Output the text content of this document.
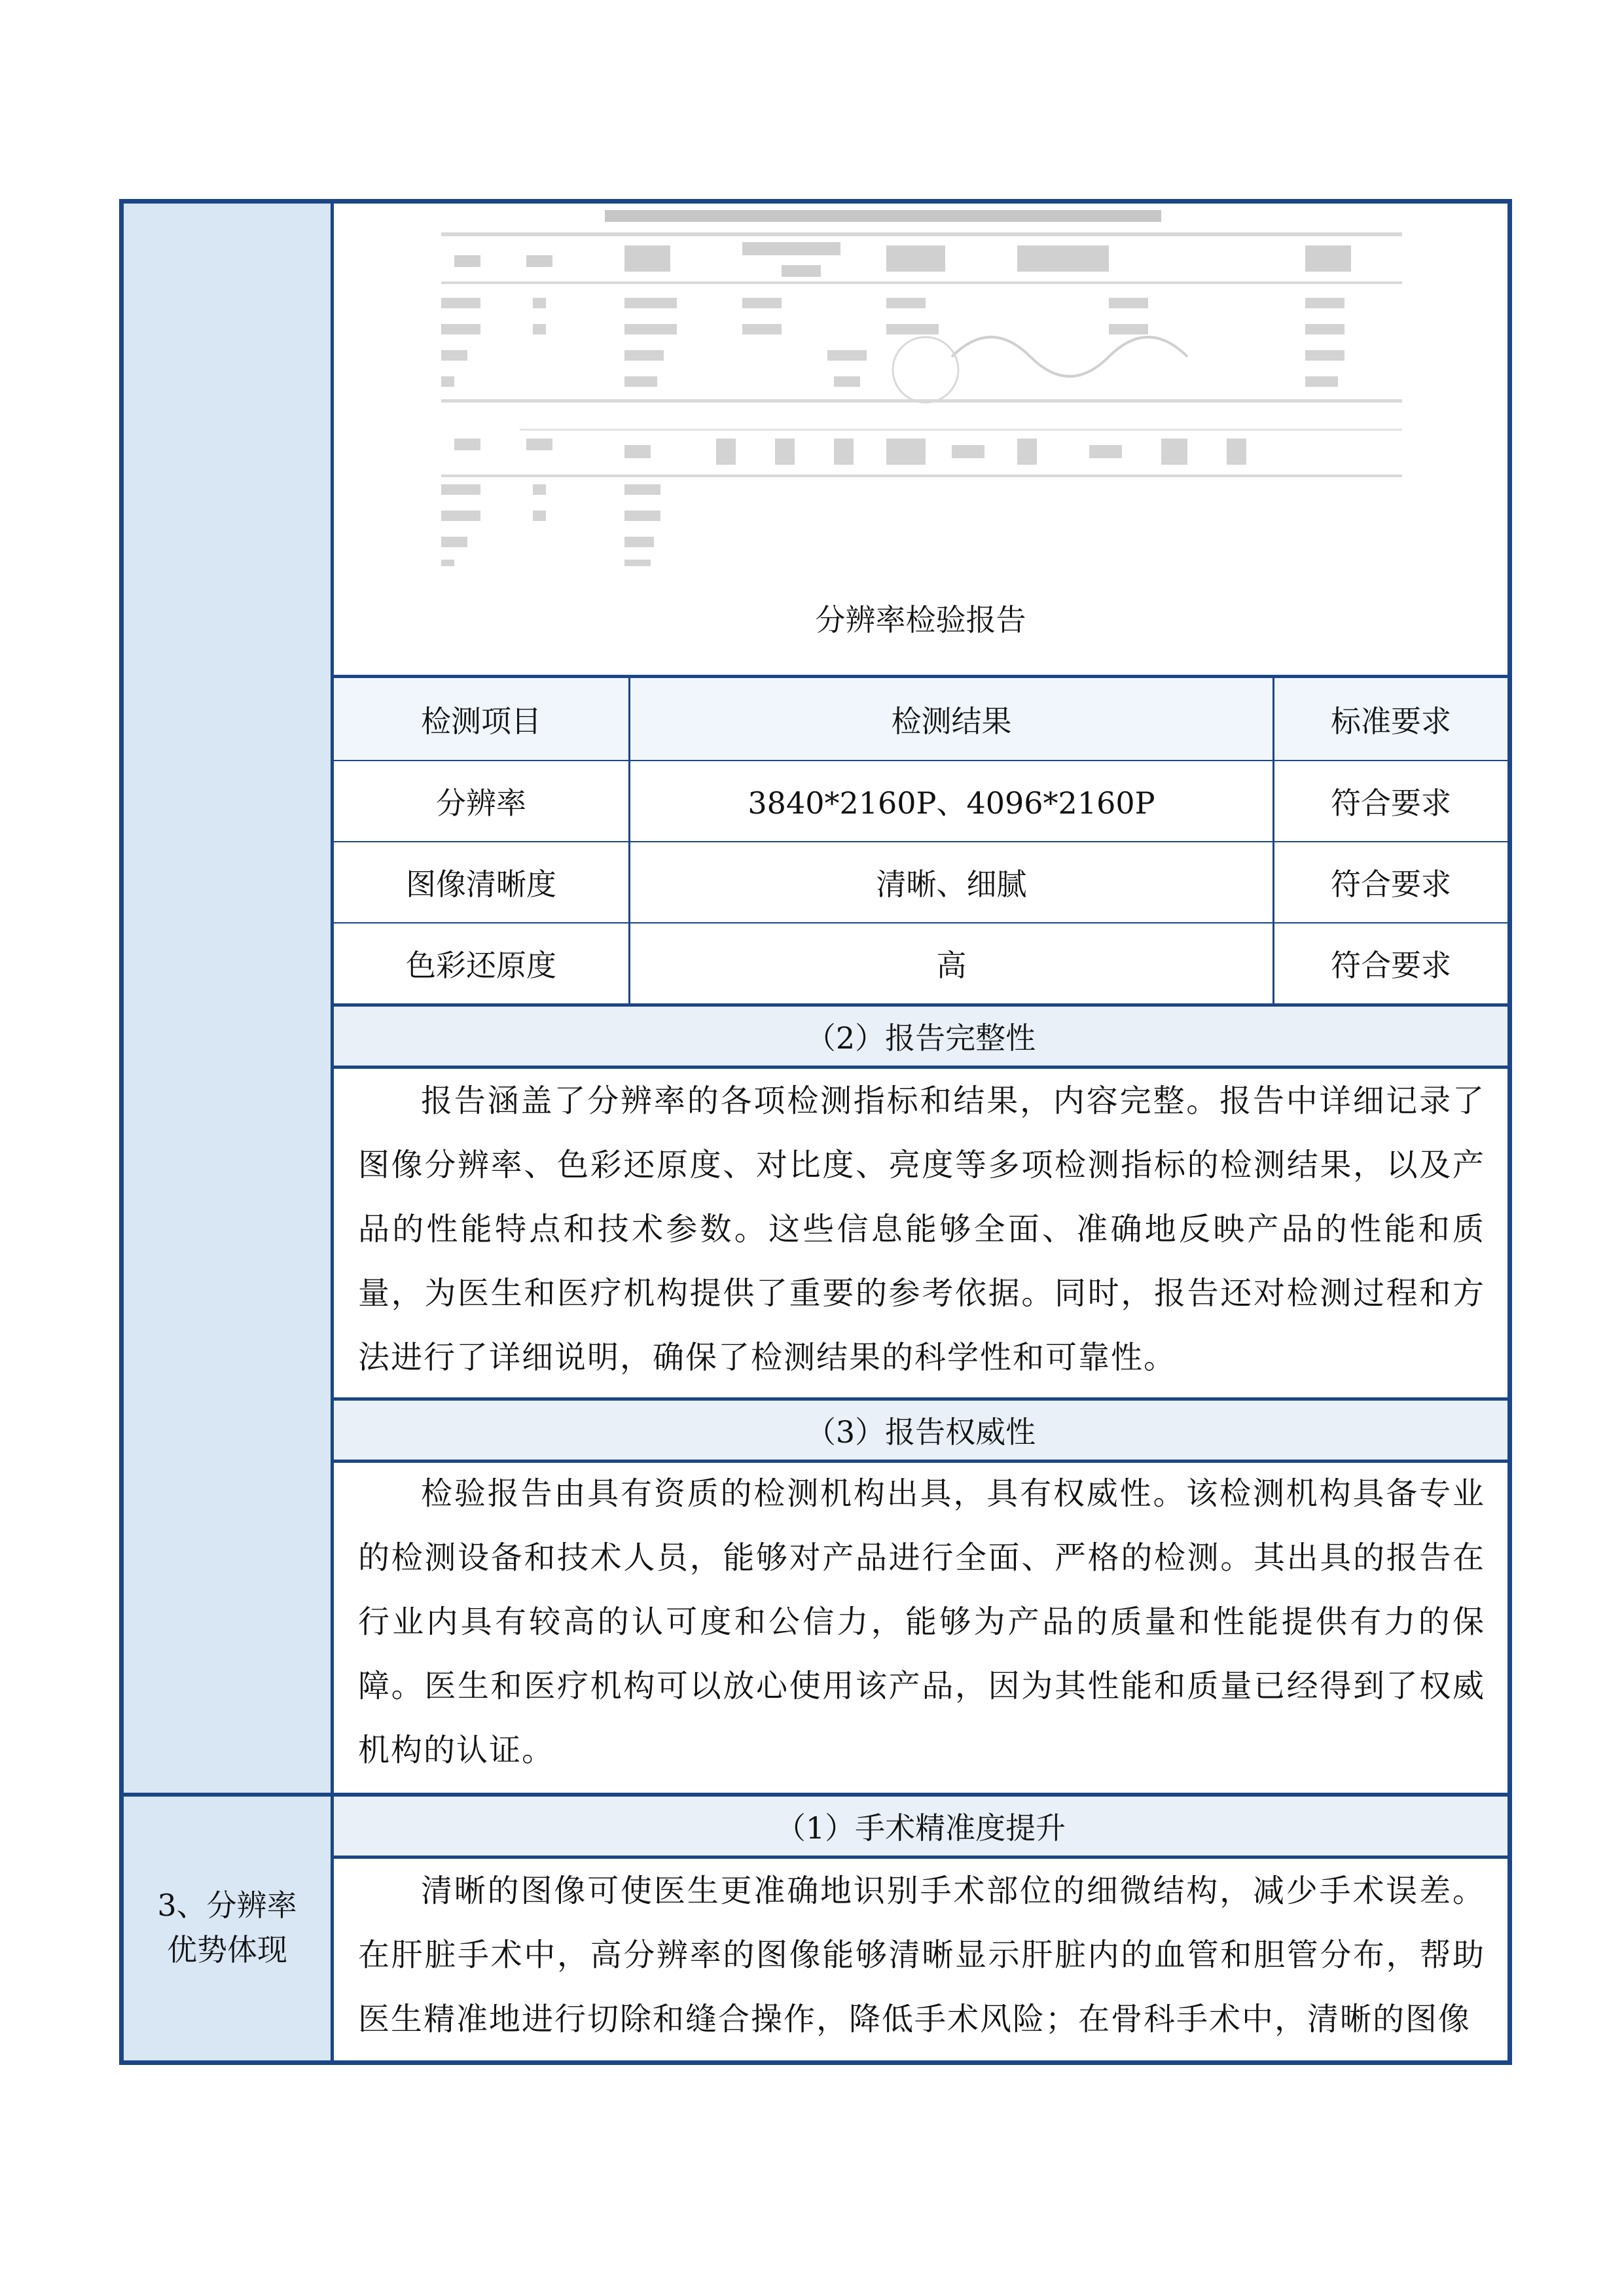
3、分辨率
优势体现
分辨率检验报告
检测项目	检测结果	标准要求
分辨率	3840*2160P、4096*2160P	符合要求
图像清晰度	清晰、细腻	符合要求
色彩还原度	高	符合要求
（2）报告完整性
报告涵盖了分辨率的各项检测指标和结果，内容完整。报告中详细记录了图像分辨率、色彩还原度、对比度、亮度等多项检测指标的检测结果，以及产品的性能特点和技术参数。这些信息能够全面、准确地反映产品的性能和质量，为医生和医疗机构提供了重要的参考依据。同时，报告还对检测过程和方法进行了详细说明，确保了检测结果的科学性和可靠性。
（3）报告权威性
检验报告由具有资质的检测机构出具，具有权威性。该检测机构具备专业的检测设备和技术人员，能够对产品进行全面、严格的检测。其出具的报告在行业内具有较高的认可度和公信力，能够为产品的质量和性能提供有力的保障。医生和医疗机构可以放心使用该产品，因为其性能和质量已经得到了权威机构的认证。
（1）手术精准度提升
清晰的图像可使医生更准确地识别手术部位的细微结构，减少手术误差。在肝脏手术中，高分辨率的图像能够清晰显示肝脏内的血管和胆管分布，帮助医生精准地进行切除和缝合操作，降低手术风险；在骨科手术中，清晰的图像
